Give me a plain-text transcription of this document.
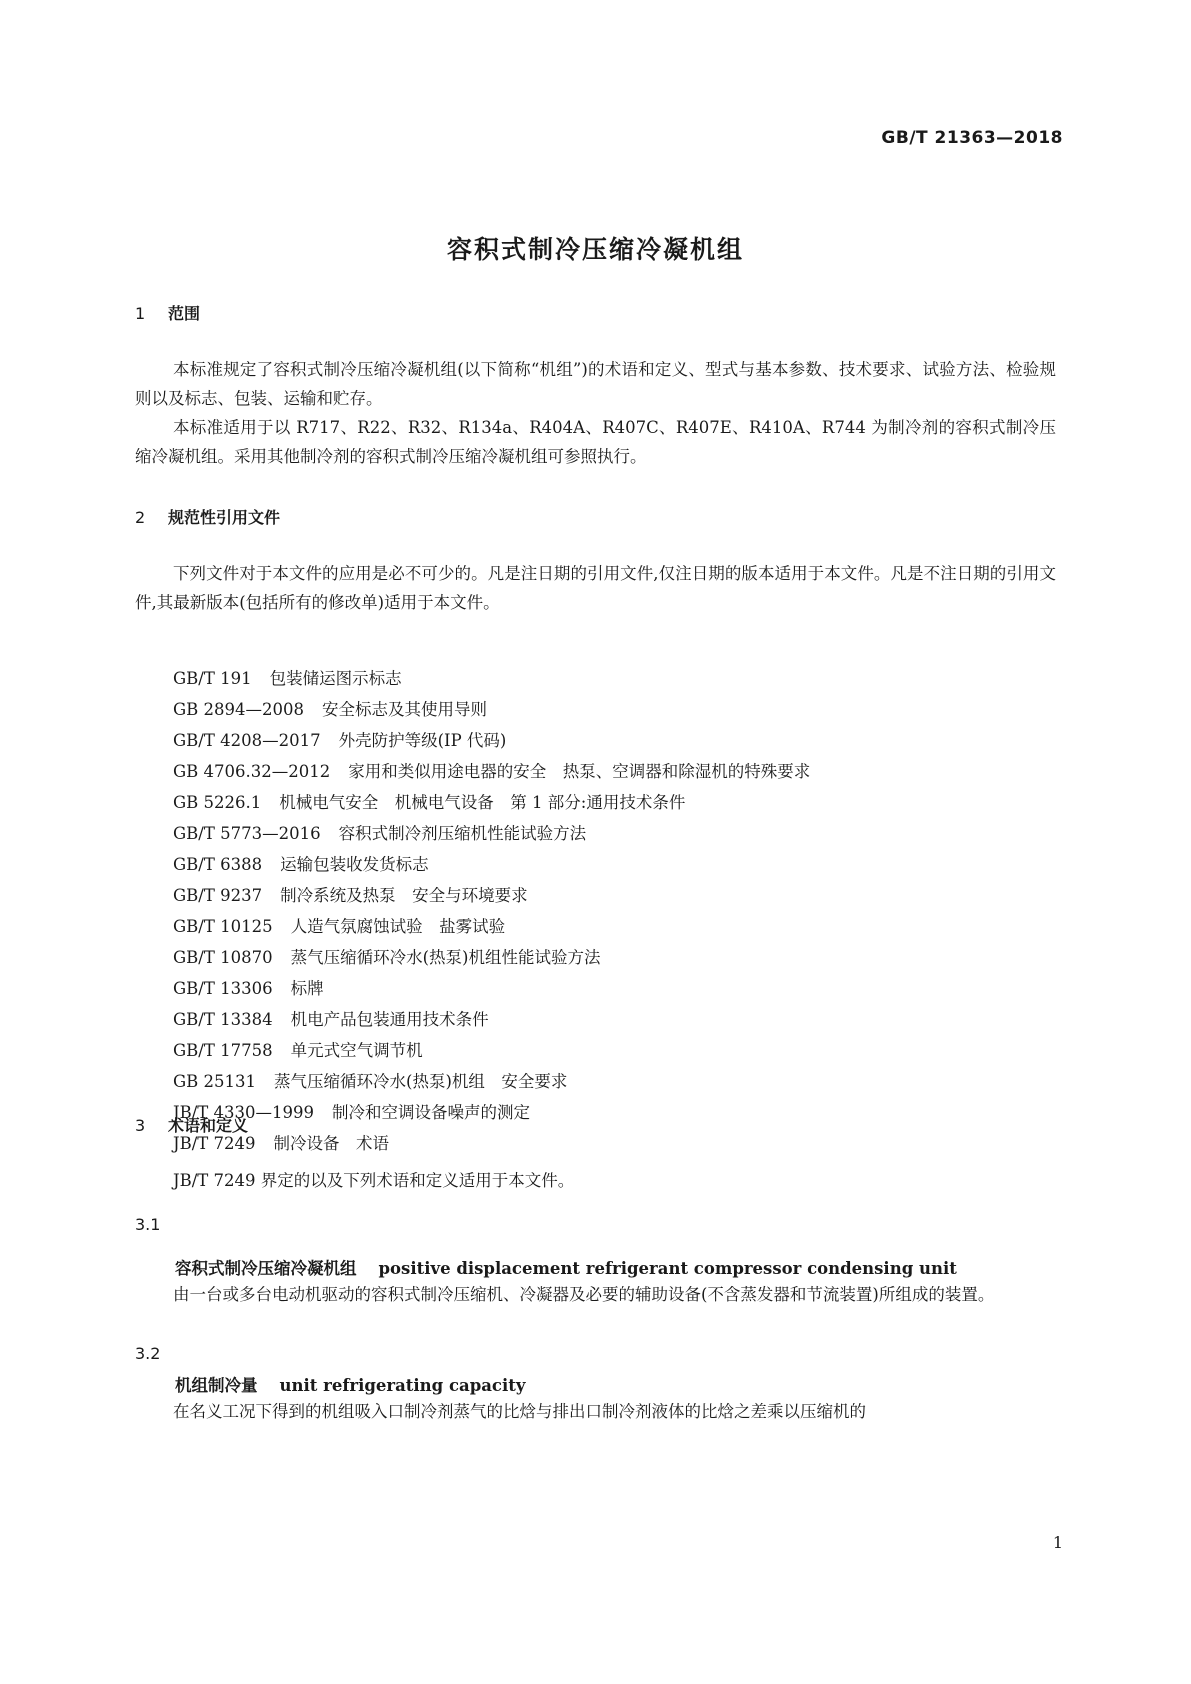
GB/T 21363—2018
容积式制冷压缩冷凝机组
1 范围

本标准规定了容积式制冷压缩冷凝机组(以下简称“机组”)的术语和定义、型式与基本参数、技术要求、试验方法、检验规则以及标志、包装、运输和贮存。

本标准适用于以 R717、R22、R32、R134a、R404A、R407C、R407E、R410A、R744 为制冷剂的容积式制冷压缩冷凝机组。采用其他制冷剂的容积式制冷压缩冷凝机组可参照执行。

2 规范性引用文件

下列文件对于本文件的应用是必不可少的。凡是注日期的引用文件,仅注日期的版本适用于本文件。凡是不注日期的引用文件,其最新版本(包括所有的修改单)适用于本文件。

GB/T 191 包装储运图示标志
GB 2894—2008 安全标志及其使用导则
GB/T 4208—2017 外壳防护等级(IP 代码)
GB 4706.32—2012 家用和类似用途电器的安全　热泵、空调器和除湿机的特殊要求
GB 5226.1 机械电气安全　机械电气设备　第 1 部分:通用技术条件
GB/T 5773—2016 容积式制冷剂压缩机性能试验方法
GB/T 6388 运输包装收发货标志
GB/T 9237 制冷系统及热泵　安全与环境要求
GB/T 10125 人造气氛腐蚀试验　盐雾试验
GB/T 10870 蒸气压缩循环冷水(热泵)机组性能试验方法
GB/T 13306 标牌
GB/T 13384 机电产品包装通用技术条件
GB/T 17758 单元式空气调节机
GB 25131 蒸气压缩循环冷水(热泵)机组　安全要求
JB/T 4330—1999 制冷和空调设备噪声的测定
JB/T 7249 制冷设备　术语
3 术语和定义

JB/T 7249 界定的以及下列术语和定义适用于本文件。

3.1
容积式制冷压缩冷凝机组 positive displacement refrigerant compressor condensing unit

由一台或多台电动机驱动的容积式制冷压缩机、冷凝器及必要的辅助设备(不含蒸发器和节流装置)所组成的装置。

3.2
机组制冷量 unit refrigerating capacity

在名义工况下得到的机组吸入口制冷剂蒸气的比焓与排出口制冷剂液体的比焓之差乘以压缩机的

1
